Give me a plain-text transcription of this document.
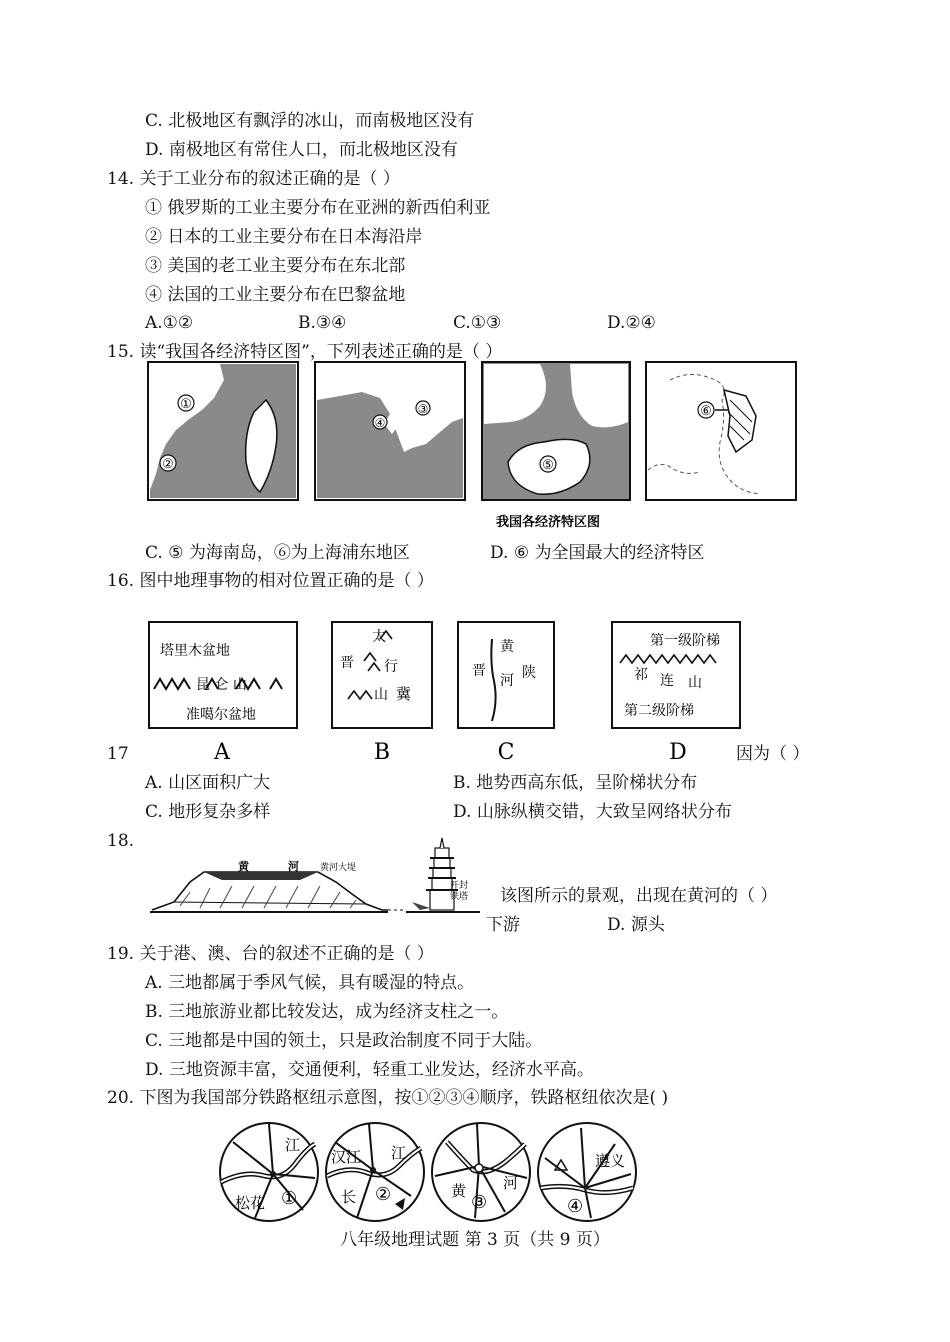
C. 北极地区有飘浮的冰山，而南极地区没有
D. 南极地区有常住人口，而北极地区没有
14. 关于工业分布的叙述正确的是（ ）
① 俄罗斯的工业主要分布在亚洲的新西伯利亚
② 日本的工业主要分布在日本海沿岸
③ 美国的老工业主要分布在东北部
④ 法国的工业主要分布在巴黎盆地
A.①②	B.③④	C.①③	D.②④
15. 读“我国各经济特区图”，下列表述正确的是（ ）
①
②
④
③
⑤
⑥
我国各经济特区图
C. ⑤ 为海南岛，⑥为上海浦东地区	D. ⑥ 为全国最大的经济特区
16. 图中地理事物的相对位置正确的是（ ）
塔里木盆地
昆 仑 山
准噶尔盆地
A
太
晋 行
山 冀
B
黄
晋	陕
河
C
第一级阶梯
祁 连 山
第二级阶梯
D
17	因为（ ）
A. 山区面积广大	B. 地势西高东低，呈阶梯状分布
C. 地形复杂多样	D. 山脉纵横交错，大致呈网络状分布
18.
黄	河 黄河大堤
开封
铁塔 该图所示的景观，出现在黄河的（ ）
下游	D. 源头
19. 关于港、澳、台的叙述不正确的是（ ）
A. 三地都属于季风气候，具有暖湿的特点。
B. 三地旅游业都比较发达，成为经济支柱之一。
C. 三地都是中国的领土，只是政治制度不同于大陆。
D. 三地资源丰富，交通便利，轻重工业发达，经济水平高。
20. 下图为我国部分铁路枢纽示意图，按①②③④顺序，铁路枢纽依次是( )
松花
江
①
汉江 江
长 ②	黄 河
③
遵义
④
八年级地理试题 第 3 页（共 9 页）
